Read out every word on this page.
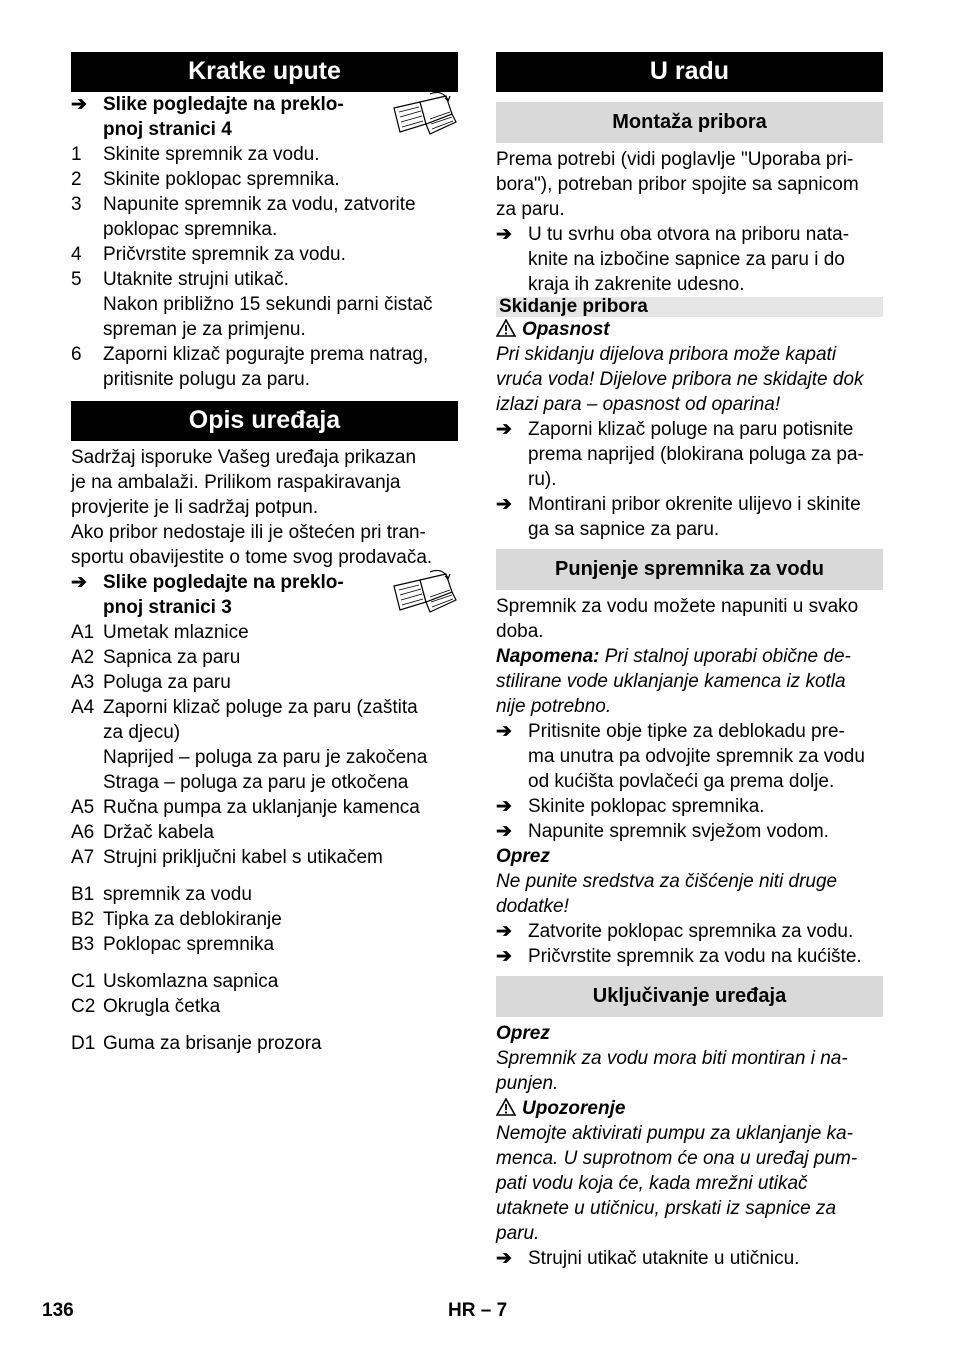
Kratke upute
➔ Slike pogledajte na preklo-
pnoj stranici 4
1	Skinite spremnik za vodu.
2	Skinite poklopac spremnika.
3	Napunite spremnik za vodu, zatvorite
poklopac spremnika.
4	Pričvrstite spremnik za vodu.
5	Utaknite strujni utikač.
Nakon približno 15 sekundi parni čistač
spreman je za primjenu.
6	Zaporni klizač pogurajte prema natrag,
pritisnite polugu za paru.
Opis uređaja
Sadržaj isporuke Vašeg uređaja prikazan
je na ambalaži. Prilikom raspakiravanja
provjerite je li sadržaj potpun.
Ako pribor nedostaje ili je oštećen pri tran-
sportu obavijestite o tome svog prodavača.
➔ Slike pogledajte na preklo-
pnoj stranici 3
A1 Umetak mlaznice
A2 Sapnica za paru
A3 Poluga za paru
A4 Zaporni klizač poluge za paru (zaštita
za djecu)
Naprijed – poluga za paru je zakočena
Straga – poluga za paru je otkočena
A5 Ručna pumpa za uklanjanje kamenca
A6 Držač kabela
A7 Strujni priključni kabel s utikačem
B1 spremnik za vodu
B2 Tipka za deblokiranje
B3 Poklopac spremnika
C1 Uskomlazna sapnica
C2 Okrugla četka
D1 Guma za brisanje prozora
U radu
Montaža pribora
Prema potrebi (vidi poglavlje "Uporaba pri-
bora"), potreban pribor spojite sa sapnicom
za paru.
➔ U tu svrhu oba otvora na priboru nata-
knite na izbočine sapnice za paru i do
kraja ih zakrenite udesno.
Skidanje pribora
Opasnost
Pri skidanju dijelova pribora može kapati
vruća voda! Dijelove pribora ne skidajte dok
izlazi para – opasnost od oparina!
➔ Zaporni klizač poluge na paru potisnite
prema naprijed (blokirana poluga za pa-
ru).
➔ Montirani pribor okrenite ulijevo i skinite
ga sa sapnice za paru.
Punjenje spremnika za vodu
Spremnik za vodu možete napuniti u svako
doba.
Napomena: Pri stalnoj uporabi obične de-
stilirane vode uklanjanje kamenca iz kotla
nije potrebno.
➔ Pritisnite obje tipke za deblokadu pre-
ma unutra pa odvojite spremnik za vodu
od kućišta povlačeći ga prema dolje.
➔ Skinite poklopac spremnika.
➔ Napunite spremnik svježom vodom.
Oprez
Ne punite sredstva za čišćenje niti druge
dodatke!
➔ Zatvorite poklopac spremnika za vodu.
➔ Pričvrstite spremnik za vodu na kućište.
Uključivanje uređaja
Oprez
Spremnik za vodu mora biti montiran i na-
punjen.
Upozorenje
Nemojte aktivirati pumpu za uklanjanje ka-
menca. U suprotnom će ona u uređaj pum-
pati vodu koja će, kada mrežni utikač
utaknete u utičnicu, prskati iz sapnice za
paru.
➔ Strujni utikač utaknite u utičnicu.
136	HR – 7
